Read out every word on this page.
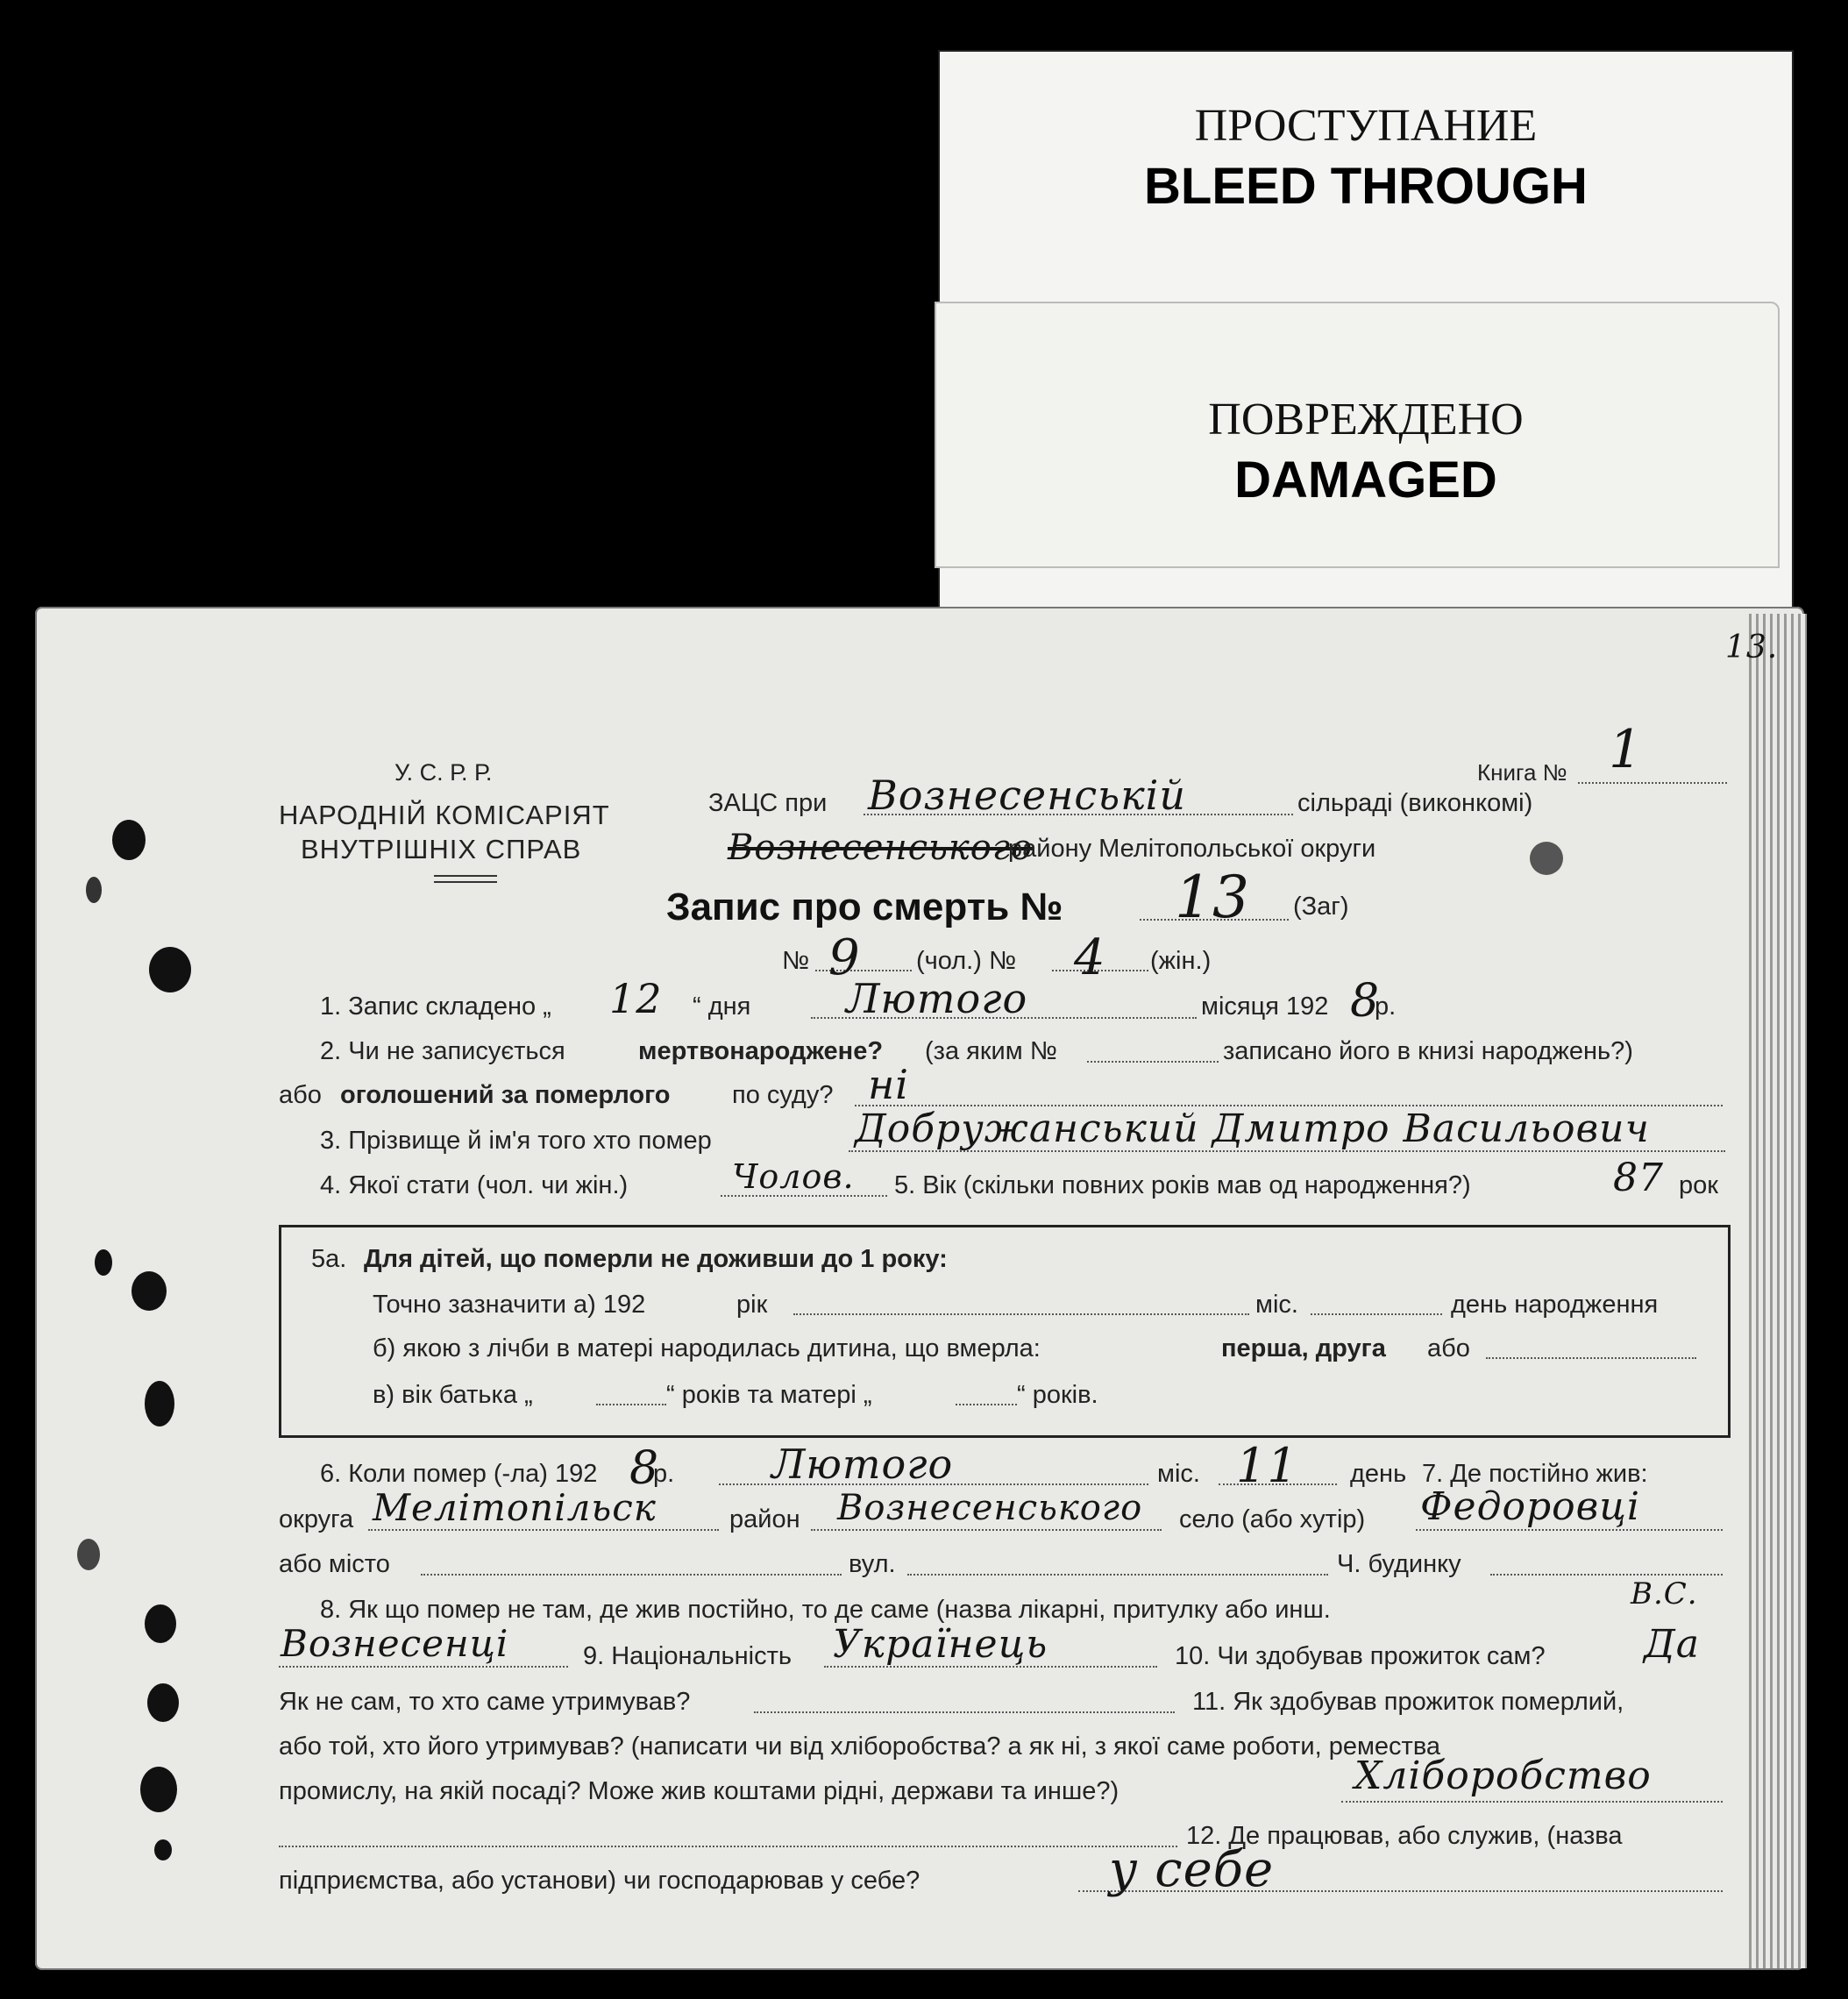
ПРОСТУПАНИЕ
BLEED THROUGH
ПОВРЕЖДЕНО
DAMAGED
13.
У. С. Р. Р.
НАРОДНІЙ КОМІСАРІЯТ
ВНУТРІШНІХ СПРАВ
Книга № 1
ЗАЦС при Вознесенській	сільраді (виконкомі)
Вознесенського
району Мелітопольської округи
Запис про смерть № 13 (Заг)
№ 9 (чол.) № 4 (жін.)
1. Запис складено „ 12 “ дня Лютого	місяця 192 8
р.
2. Чи не записується	мертвонароджене? (за яким №	записано його в книзі народжень?)
або оголошений за померлого по суду? ні
3. Прізвище й ім'я того хто помер	Добружанський Дмитро Васильович
4. Якої стати (чол. чи жін.)	Чолов. 5. Вік (скільки повних років мав од народження?)	87 рок
5а. Для дітей, що померли не доживши до 1 року:
Точно зазначити а) 192	рік	міс.	день народження
б) якою з лічби в матері народилась дитина, що вмерла:	перша, друга або
в) вік батька „	“ років та матері „	“ років.
6. Коли помер (-ла) 192 8
р. Лютого	міс. 11 день 7. Де постійно жив:
округа Мелітопільск	район Вознесенського село (або хутір) Федоровці
або місто	вул.	Ч. будинку
8. Як що помер не там, де жив постійно, то де саме (назва лікарні, притулку або инш.	В.С.
Вознесенці	9. Національність Українець	10. Чи здобував прожиток сам?	Да
Як не сам, то хто саме утримував?	11. Як здобував прожиток померлий,
або той, хто його утримував? (написати чи від хліборобства? а як ні, з якої саме роботи, ремества
промислу, на якій посаді? Може жив коштами рідні, держави та инше?)	Хліборобство
12. Де працював, або служив, (назва
підприємства, або установи) чи господарював у себе?	у себе
